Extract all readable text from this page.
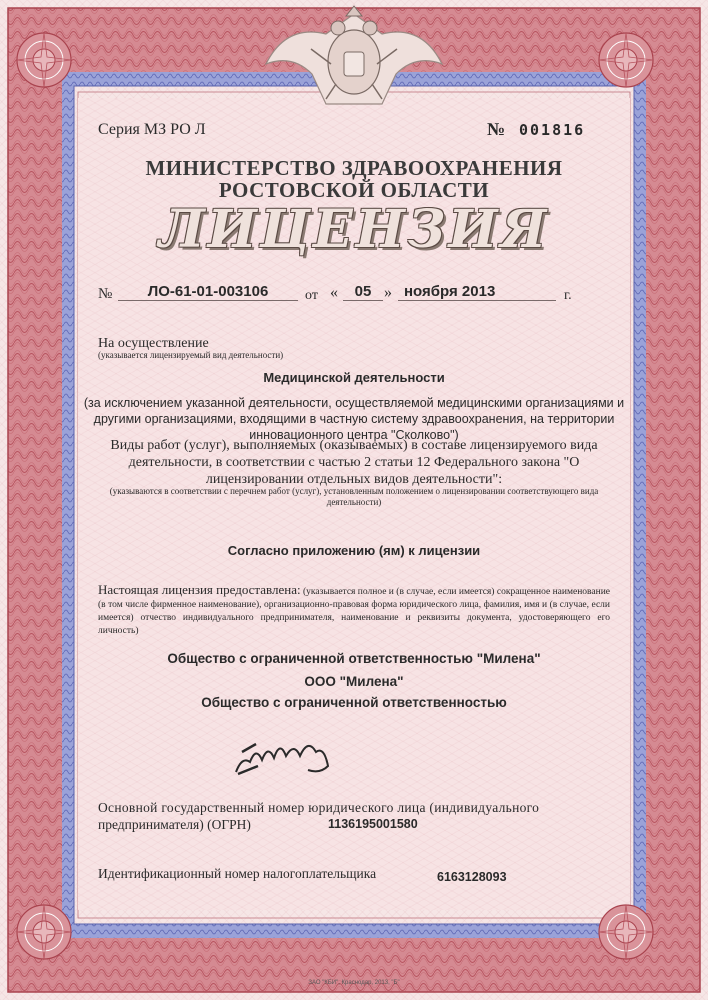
Серия МЗ РО Л	№ 001816
МИНИСТЕРСТВО ЗДРАВООХРАНЕНИЯ
РОСТОВСКОЙ ОБЛАСТИ
ЛИЦЕНЗИЯ
№	ЛО-61-01-003106	от «	05 » ноября 2013	г.
На осуществление
(указывается лицензируемый вид деятельности)
Медицинской деятельности
(за исключением указанной деятельности, осуществляемой медицинскими организациями и другими организациями, входящими в частную систему здравоохранения, на территории инновационного центра "Сколково")
Виды работ (услуг), выполняемых (оказываемых) в составе лицензируемого вида деятельности, в соответствии с частью 2 статьи 12 Федерального закона "О лицензировании отдельных видов деятельности":
(указываются в соответствии с перечнем работ (услуг), установленным положением о лицензировании соответствующего вида деятельности)
Согласно приложению (ям) к лицензии
Настоящая лицензия предоставлена: (указывается полное и (в случае, если имеется) сокращенное наименование (в том числе фирменное наименование), организационно-правовая форма юридического лица, фамилия, имя и (в случае, если имеется) отчество индивидуального предпринимателя, наименование и реквизиты документа, удостоверяющего его личность)
Общество с ограниченной ответственностью "Милена"
ООО "Милена"
Общество с ограниченной ответственностью
Основной государственный номер юридического лица (индивидуального
предпринимателя) (ОГРН)	1136195001580
Идентификационный номер налогоплательщика	6163128093
ЗАО "КБИ", Краснодар, 2013, "Б"
